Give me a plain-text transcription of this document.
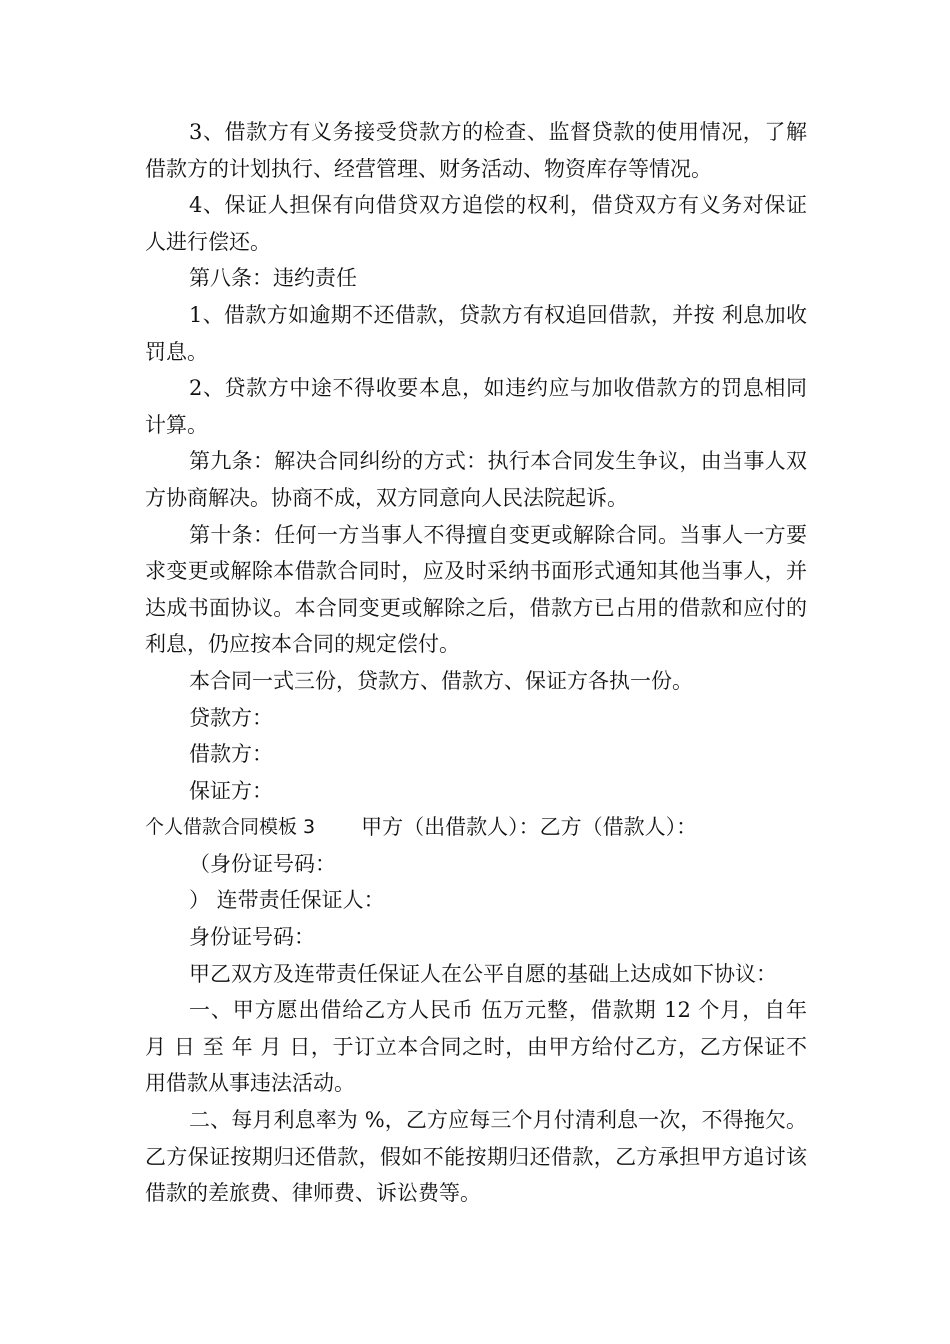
3、借款方有义务接受贷款方的检查、监督贷款的使用情况，了解借款方的计划执行、经营管理、财务活动、物资库存等情况。

4、保证人担保有向借贷双方追偿的权利，借贷双方有义务对保证人进行偿还。

第八条：违约责任

1、借款方如逾期不还借款，贷款方有权追回借款，并按 利息加收罚息。

2、贷款方中途不得收要本息，如违约应与加收借款方的罚息相同计算。

第九条：解决合同纠纷的方式：执行本合同发生争议，由当事人双方协商解决。协商不成，双方同意向人民法院起诉。

第十条：任何一方当事人不得擅自变更或解除合同。当事人一方要求变更或解除本借款合同时，应及时采纳书面形式通知其他当事人，并达成书面协议。本合同变更或解除之后，借款方已占用的借款和应付的利息，仍应按本合同的规定偿付。

本合同一式三份，贷款方、借款方、保证方各执一份。

贷款方：

借款方：

保证方：

个人借款合同模板 3 甲方（出借款人）：乙方（借款人）：

（身份证号码：

） 连带责任保证人：

身份证号码：

甲乙双方及连带责任保证人在公平自愿的基础上达成如下协议：

一、甲方愿出借给乙方人民币 伍万元整，借款期 12 个月，自年 月 日 至 年 月 日，于订立本合同之时，由甲方给付乙方，乙方保证不用借款从事违法活动。

二、每月利息率为 %，乙方应每三个月付清利息一次，不得拖欠。乙方保证按期归还借款，假如不能按期归还借款，乙方承担甲方追讨该借款的差旅费、律师费、诉讼费等。
